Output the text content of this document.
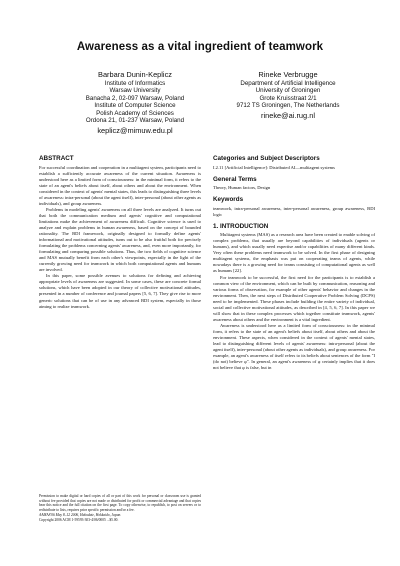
Awareness as a vital ingredient of teamwork
Barbara Dunin-Keplicz
Institute of Informatics
Warsaw University
Banacha 2, 02-097 Warsaw, Poland
Institute of Computer Science
Polish Academy of Sciences
Ordona 21, 01-237 Warsaw, Poland
keplicz@mimuw.edu.pl
Rineke Verbrugge
Department of Artificial Intelligence
University of Groningen
Grote Kruisstraat 2/1
9712 TS Groningen, The Netherlands
rineke@ai.rug.nl
ABSTRACT

For successful coordination and cooperation in a multiagent system, participants need to establish a sufficiently accurate awareness of the current situation. Awareness is understood here as a limited form of consciousness: in the minimal form, it refers to the state of an agent's beliefs about itself, about others and about the environment. When considered in the context of agents' mental states, this leads to distinguishing three levels of awareness: intra-personal (about the agent itself), inter-personal (about other agents as individuals), and group awareness.

Problems in modeling agents' awareness on all three levels are analyzed. It turns out that both the communication medium and agents' cognitive and computational limitations make the achievement of awareness difficult. Cognitive science is used to analyze and explain problems in human awareness, based on the concept of bounded rationality. The BDI framework, originally designed to formally define agents' informational and motivational attitudes, turns out to be also fruitful both for precisely formulating the problems concerning agents' awareness, and, even more importantly, for formulating and comparing possible solutions. Thus, the two fields of cognitive science and MAS mutually benefit from each other's viewpoints, especially in the light of the currently growing need for teamwork in which both computational agents and humans are involved.

In this paper, some possible avenues to solutions for defining and achieving appropriate levels of awareness are suggested. In some cases, these are concrete formal solutions, which have been adopted in our theory of collective motivational attitudes, presented in a number of conference and journal papers [5, 6, 7]. They give rise to more generic solutions that can be of use in any advanced BDI system, especially in those aiming to realize teamwork.

Categories and Subject Descriptors

I.2.11 [Artificial Intelligence]: Distributed AI—multiagent systems

General Terms

Theory, Human factors, Design

Keywords

teamwork, intra-personal awareness, inter-personal awareness, group awareness, BDI logic

1. INTRODUCTION

Multiagent systems (MAS) as a research area have been created to enable solving of complex problems, that usually are beyond capabilities of individuals (agents or humans), and which usually need expertise and/or capabilities of many different kinds. Very often these problems need teamwork to be solved. In the first phase of designing multiagent systems, the emphasis was put on cooperating teams of agents, while nowadays there is a growing need for teams consisting of computational agents as well as humans [22].

For teamwork to be successful, the first need for the participants is to establish a common view of the environment, which can be built by communication, reasoning and various forms of observation, for example of other agents' behavior and changes in the environment. Then, the next steps of Distributed Cooperative Problem Solving (DCPS) need to be implemented. These phases include building the entire variety of individual, social and collective motivational attitudes, as described in [4, 5, 6, 7]. In this paper we will show that in these complex processes which together constitute teamwork, agents' awareness about others and the environment is a vital ingredient.

Awareness is understood here as a limited form of consciousness: in the minimal form, it refers to the state of an agent's beliefs about itself, about others and about the environment. These aspects, when considered in the context of agents' mental states, lead to distinguishing different levels of agents' awareness: intra-personal (about the agent itself), inter-personal (about other agents as individuals), and group awareness. For example, an agent's awareness of itself refers to its beliefs about sentences of the form "I (do not) believe φ". In general, an agent's awareness of φ certainly implies that it does not believe that φ is false, but in

Permission to make digital or hard copies of all or part of this work for personal or classroom use is granted without fee provided that copies are not made or distributed for profit or commercial advantage and that copies bear this notice and the full citation on the first page. To copy otherwise, to republish, to post on servers or to redistribute to lists, requires prior specific permission and/or a fee.

AAMAS'06 May 8–12 2006, Hakodate, Hokkaido, Japan.

Copyright 2006 ACM 1-59593-303-4/06/0005 ...$5.00.
